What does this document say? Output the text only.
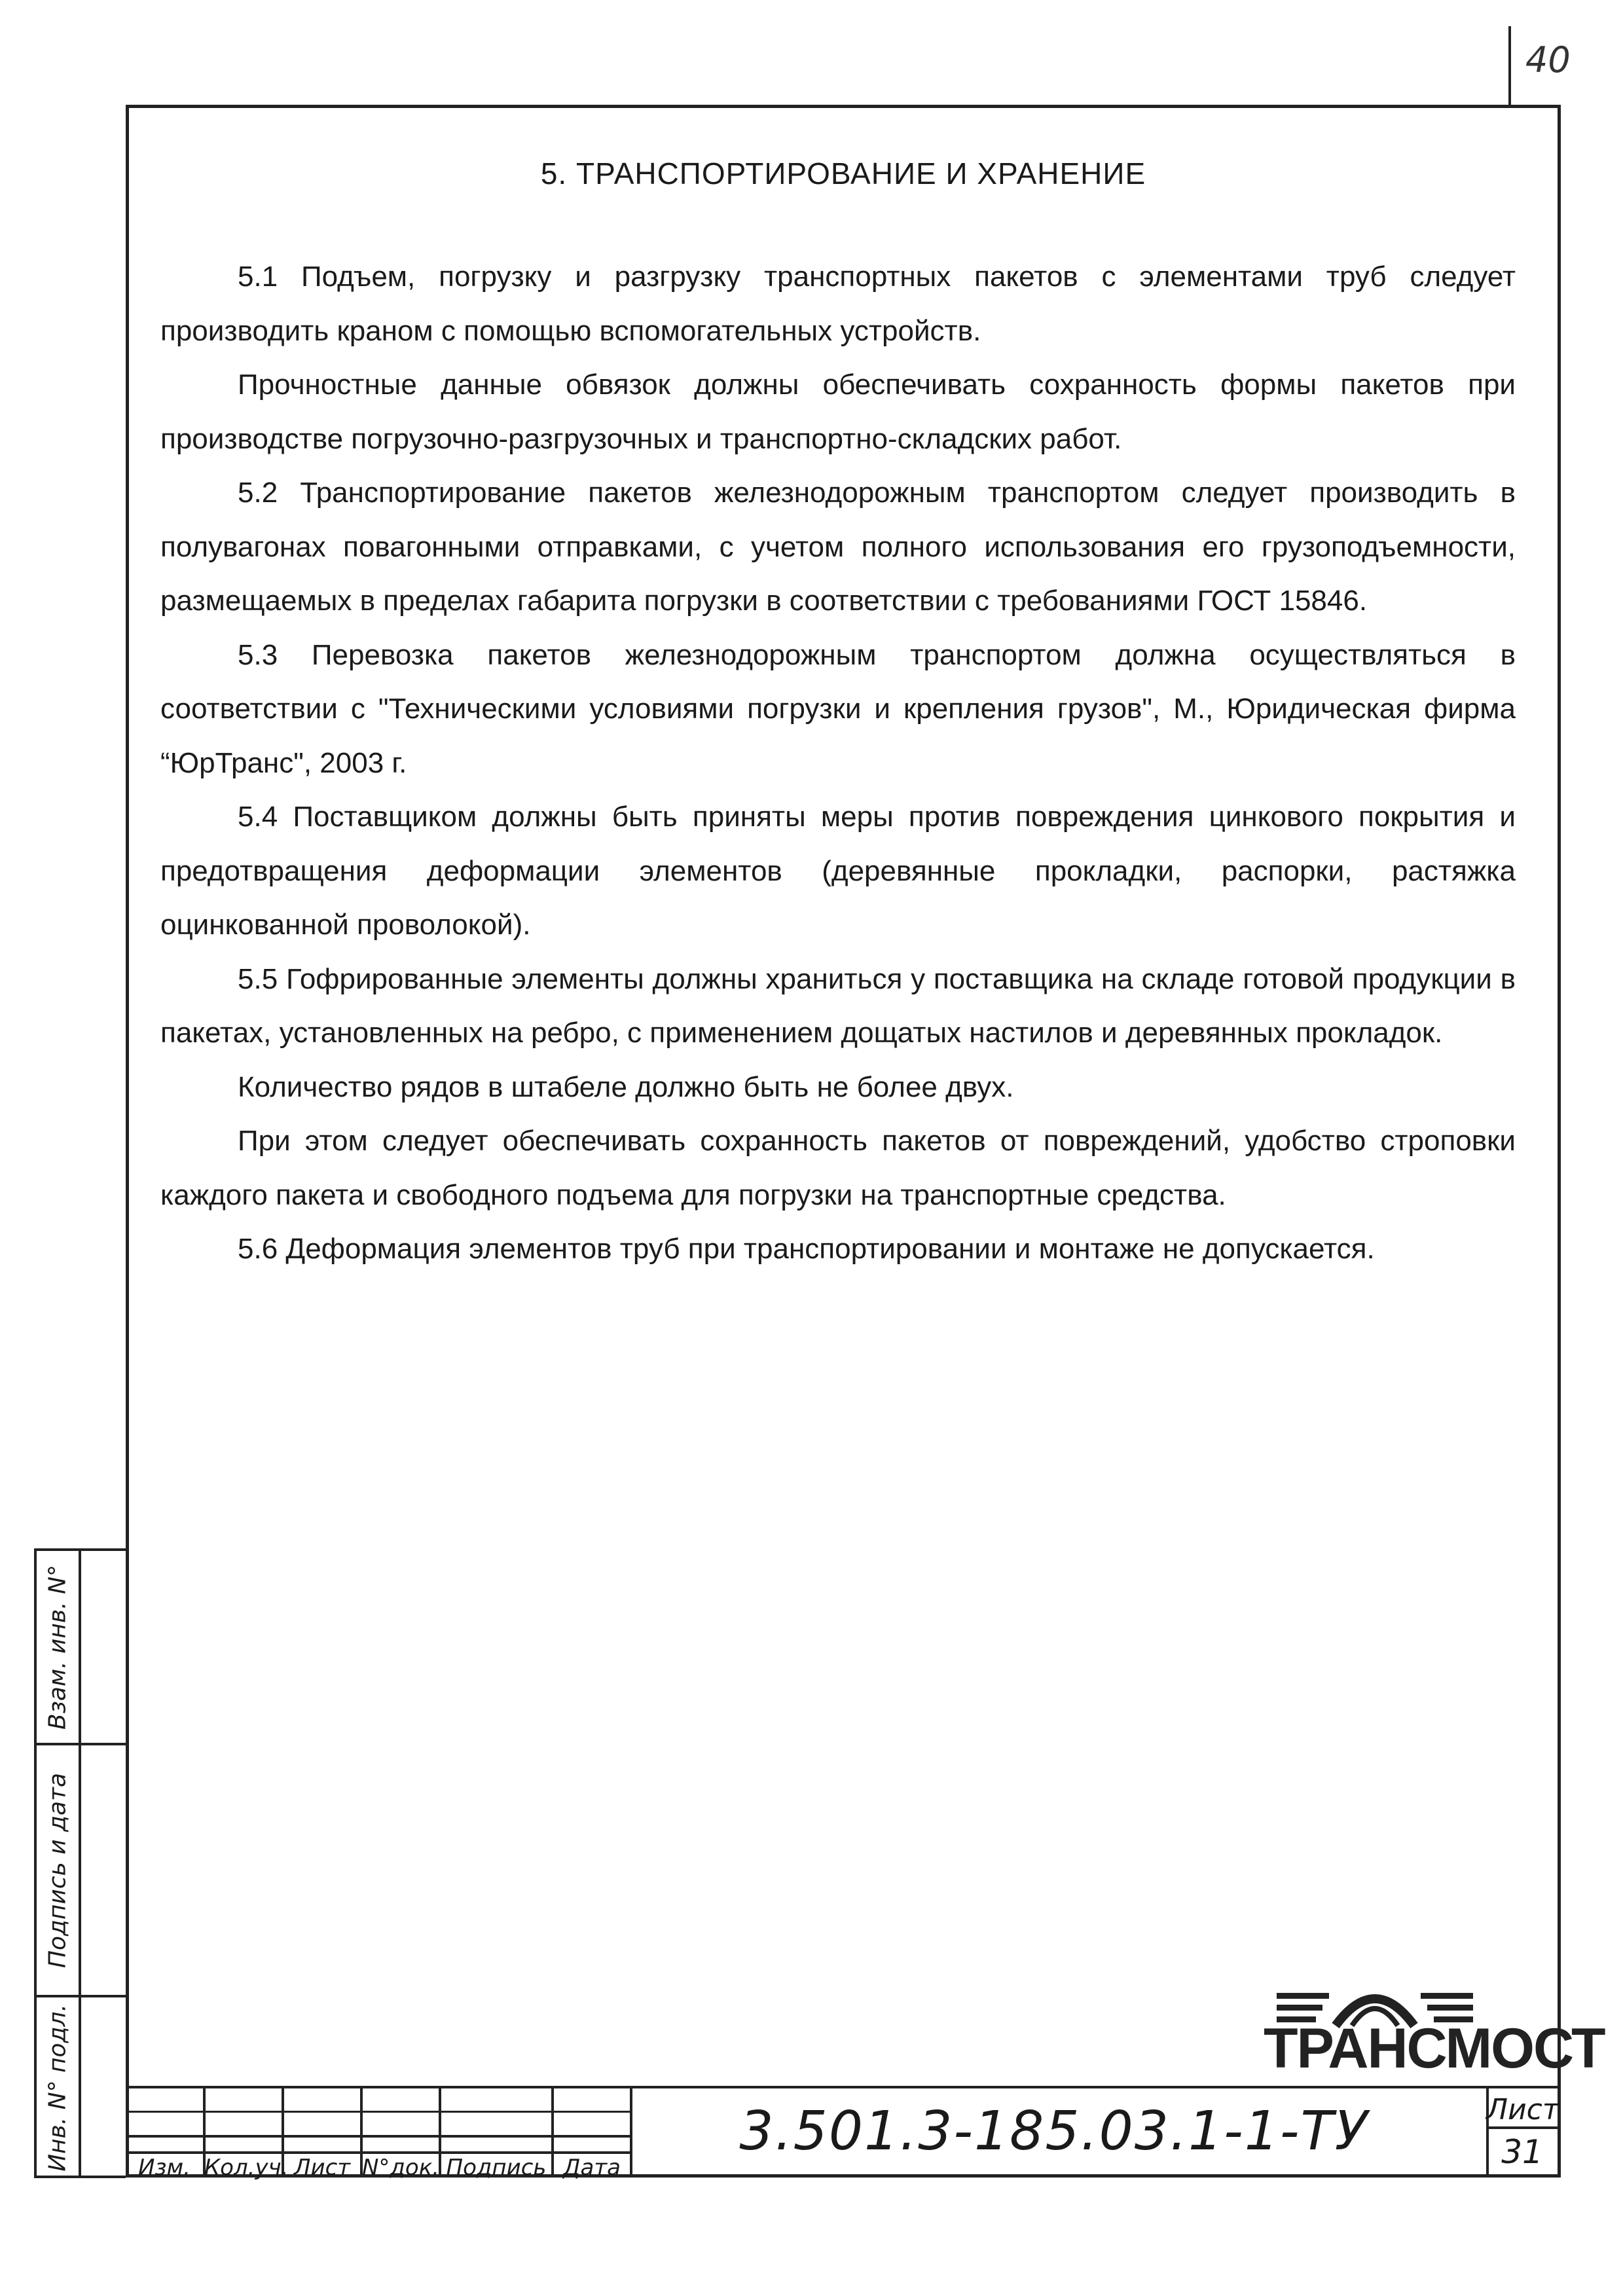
40
5. ТРАНСПОРТИРОВАНИЕ И ХРАНЕНИЕ

5.1 Подъем, погрузку и разгрузку транспортных пакетов с элементами труб следует производить краном с помощью вспомогательных устройств.

Прочностные данные обвязок должны обеспечивать сохранность формы пакетов при производстве погрузочно-разгрузочных и транспортно-складских работ.

5.2 Транспортирование пакетов железнодорожным транспортом следует производить в полувагонах повагонными отправками, с учетом полного использования его грузоподъемности, размещаемых в пределах габарита погрузки в соответствии с требованиями ГОСТ 15846.

5.3 Перевозка пакетов железнодорожным транспортом должна осуществляться в соответствии с "Техническими условиями погрузки и крепления грузов", М., Юридическая фирма “ЮрТранс", 2003 г.

5.4 Поставщиком должны быть приняты меры против повреждения цинкового покрытия и предотвращения деформации элементов (деревянные прокладки, распорки, растяжка оцинкованной проволокой).

5.5 Гофрированные элементы должны храниться у поставщика на складе готовой продукции в пакетах, установленных на ребро, с применением дощатых настилов и деревянных прокладок.

Количество рядов в штабеле должно быть не более двух.

При этом следует обеспечивать сохранность пакетов от повреждений, удобство строповки каждого пакета и свободного подъема для погрузки на транспортные средства.

5.6 Деформация элементов труб при транспортировании и монтаже не допускается.

Взам. инв. N°
Подпись и дата
Инв. N° подл.	ТРАНСМОСТ
Изм. Кол.уч. Лист N°док. Подпись Дата
3.501.3-185.03.1-1-ТУ	Лист
31
